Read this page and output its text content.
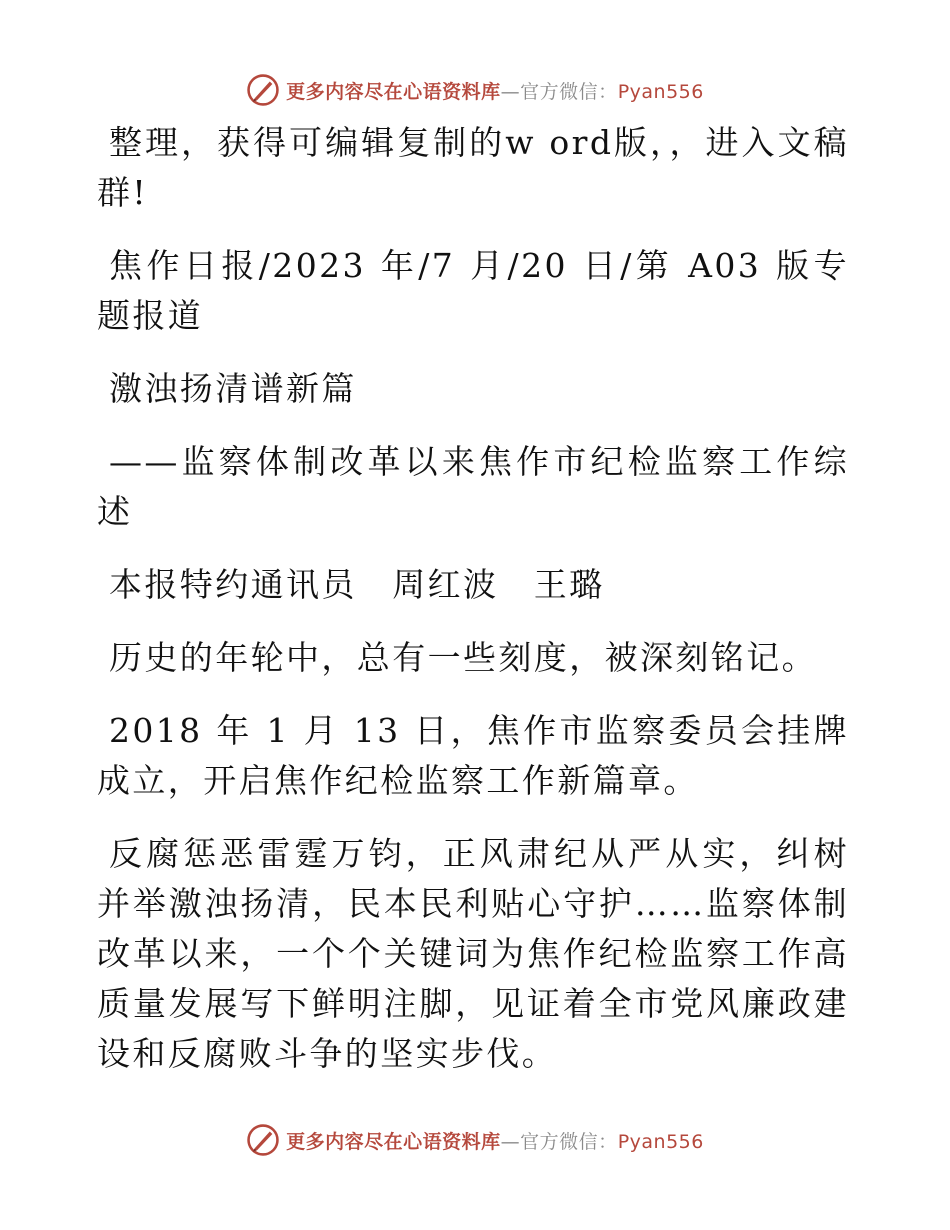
更多内容尽在心语资料库—官方微信：Pyan556

整理，获得可编辑复制的w ord版，，进入文稿群!

焦作日报/2023 年/7 月/20 日/第 A03 版专题报道

激浊扬清谱新篇

——监察体制改革以来焦作市纪检监察工作综述

本报特约通讯员　周红波　王璐

历史的年轮中，总有一些刻度，被深刻铭记。

2018 年 1 月 13 日，焦作市监察委员会挂牌成立，开启焦作纪检监察工作新篇章。

反腐惩恶雷霆万钧，正风肃纪从严从实，纠树并举激浊扬清，民本民利贴心守护……监察体制改革以来，一个个关键词为焦作纪检监察工作高质量发展写下鲜明注脚，见证着全市党风廉政建设和反腐败斗争的坚实步伐。

更多内容尽在心语资料库—官方微信：Pyan556
